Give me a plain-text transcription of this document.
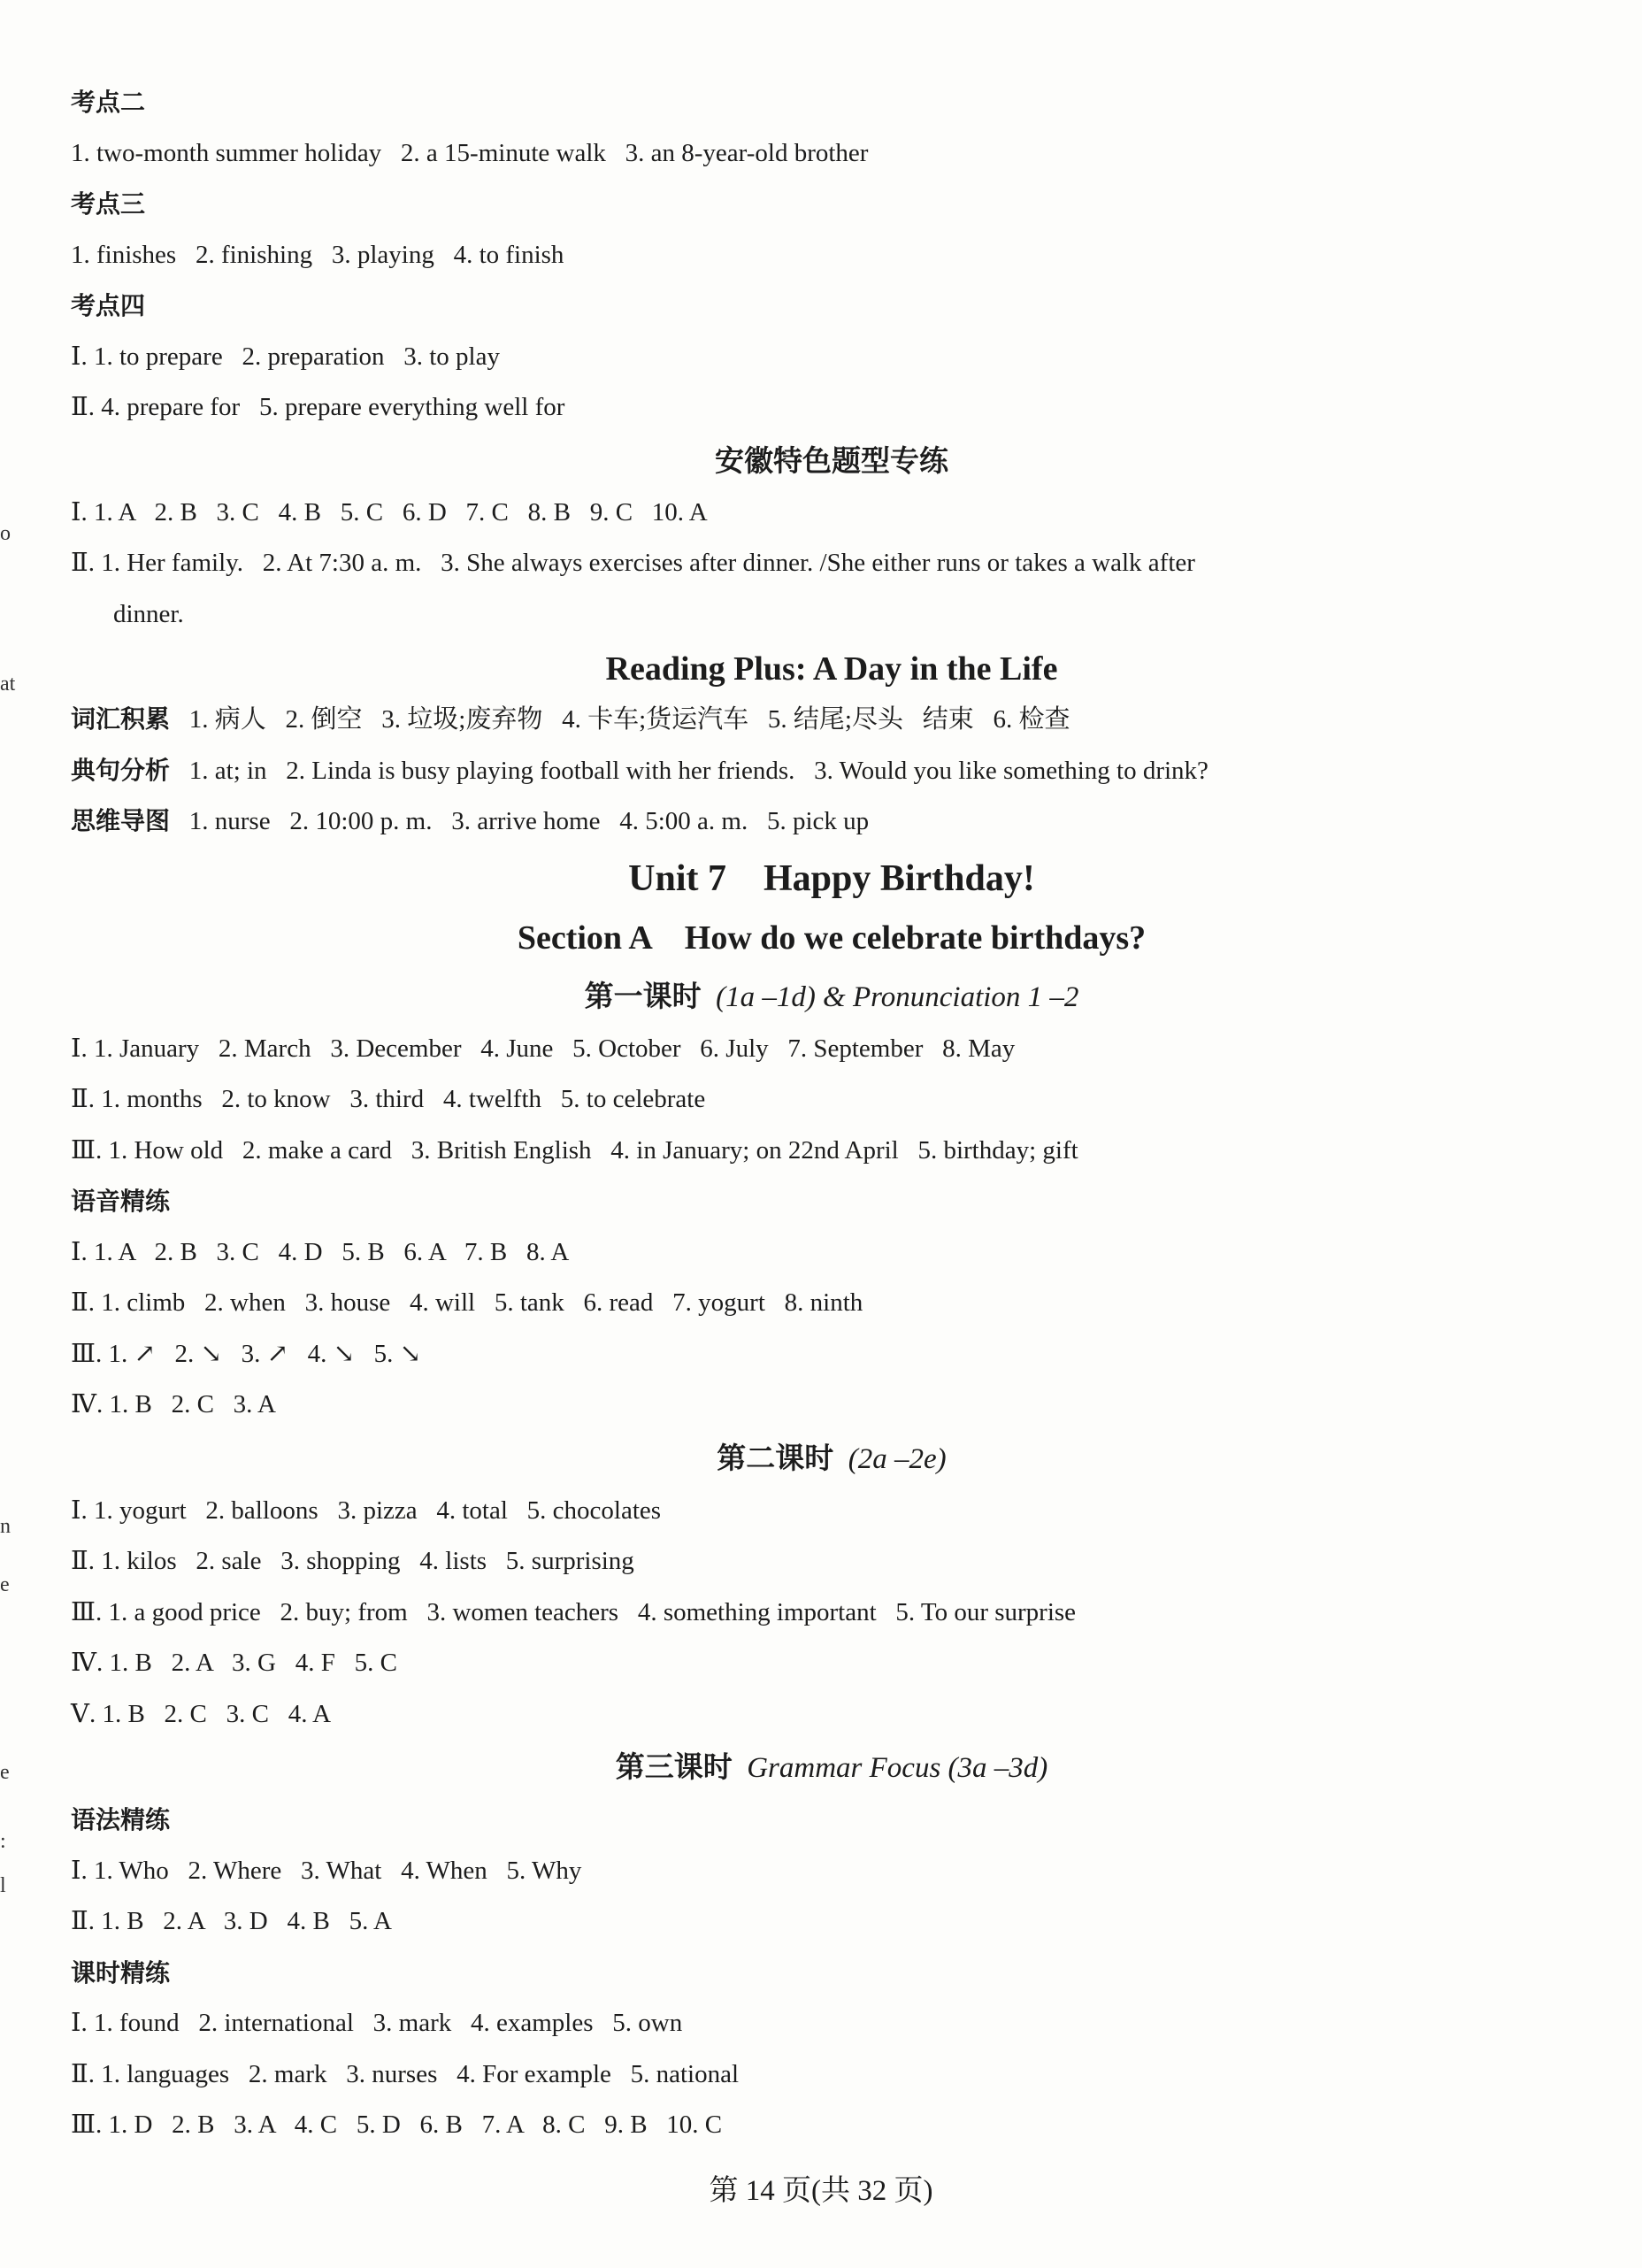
o
at
n
e
e
:
l
考点二
1. two-month summer holiday   2. a 15-minute walk   3. an 8-year-old brother
考点三
1. finishes   2. finishing   3. playing   4. to finish
考点四
Ⅰ. 1. to prepare   2. preparation   3. to play
Ⅱ. 4. prepare for   5. prepare everything well for
安徽特色题型专练
Ⅰ. 1. A   2. B   3. C   4. B   5. C   6. D   7. C   8. B   9. C   10. A
Ⅱ. 1. Her family.   2. At 7:30 a. m.   3. She always exercises after dinner. /She either runs or takes a walk after
dinner.
Reading Plus: A Day in the Life
词汇积累 1. 病人   2. 倒空   3. 垃圾;废弃物   4. 卡车;货运汽车   5. 结尾;尽头   结束   6. 检查
典句分析 1. at; in   2. Linda is busy playing football with her friends.   3. Would you like something to drink?
思维导图 1. nurse   2. 10:00 p. m.   3. arrive home   4. 5:00 a. m.   5. pick up
Unit 7    Happy Birthday!
Section A    How do we celebrate birthdays?
第一课时  (1a –1d) & Pronunciation 1 –2
Ⅰ. 1. January   2. March   3. December   4. June   5. October   6. July   7. September   8. May
Ⅱ. 1. months   2. to know   3. third   4. twelfth   5. to celebrate
Ⅲ. 1. How old   2. make a card   3. British English   4. in January; on 22nd April   5. birthday; gift
语音精练
Ⅰ. 1. A   2. B   3. C   4. D   5. B   6. A   7. B   8. A
Ⅱ. 1. climb   2. when   3. house   4. will   5. tank   6. read   7. yogurt   8. ninth
Ⅲ. 1. ↗   2. ↘   3. ↗   4. ↘   5. ↘
Ⅳ. 1. B   2. C   3. A
第二课时  (2a –2e)
Ⅰ. 1. yogurt   2. balloons   3. pizza   4. total   5. chocolates
Ⅱ. 1. kilos   2. sale   3. shopping   4. lists   5. surprising
Ⅲ. 1. a good price   2. buy; from   3. women teachers   4. something important   5. To our surprise
Ⅳ. 1. B   2. A   3. G   4. F   5. C
Ⅴ. 1. B   2. C   3. C   4. A
第三课时  Grammar Focus (3a –3d)
语法精练
Ⅰ. 1. Who   2. Where   3. What   4. When   5. Why
Ⅱ. 1. B   2. A   3. D   4. B   5. A
课时精练
Ⅰ. 1. found   2. international   3. mark   4. examples   5. own
Ⅱ. 1. languages   2. mark   3. nurses   4. For example   5. national
Ⅲ. 1. D   2. B   3. A   4. C   5. D   6. B   7. A   8. C   9. B   10. C
第 14 页(共 32 页)
